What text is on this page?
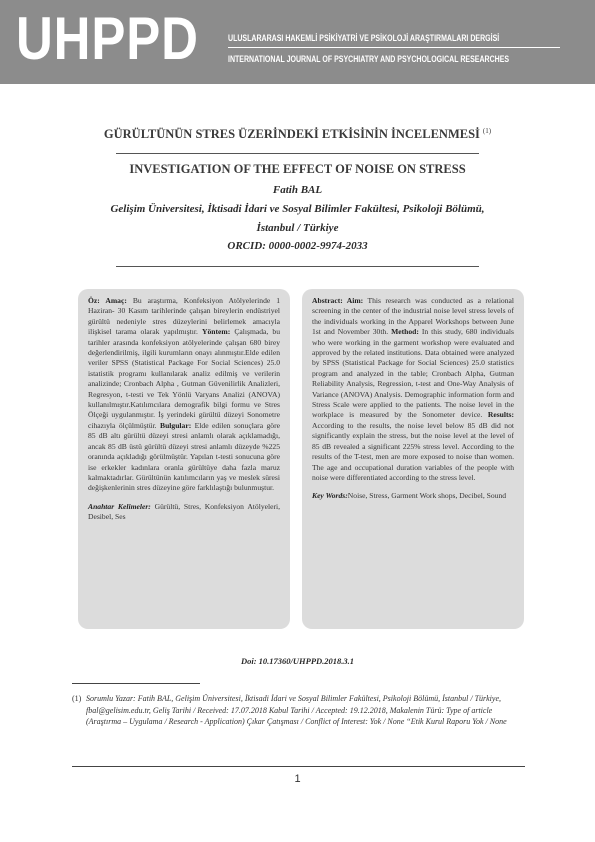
UHPPD	ULUSLARARASI HAKEMLİ PSİKİYATRİ VE PSİKOLOJİ ARAŞTIRMALARI DERGİSİ
INTERNATIONAL JOURNAL OF PSYCHIATRY AND PSYCHOLOGICAL RESEARCHES
GÜRÜLTÜNÜN STRES ÜZERİNDEKİ ETKİSİNİN İNCELENMESİ $^{(1)}$
INVESTIGATION OF THE EFFECT OF NOISE ON STRESS
Fatih BAL
Gelişim Üniversitesi, İktisadi İdari ve Sosyal Bilimler Fakültesi, Psikoloji Bölümü,
İstanbul / Türkiye
ORCID: 0000-0002-9974-2033
Öz: Amaç: Bu araştırma, Konfeksiyon Atölyelerinde 1 Haziran- 30 Kasım tarihlerinde çalışan bireylerin endüstriyel gürültü nedeniyle stres düzeylerini belirlemek amacıyla ilişkisel tarama olarak yapılmıştır. Yöntem: Çalışmada, bu tarihler arasında konfeksiyon atölyelerinde çalışan 680 birey değerlendirilmiş, ilgili kurumların onayı alınmıştır.Elde edilen veriler SPSS (Statistical Package For Social Sciences) 25.0 istatistik programı kullanılarak analiz edilmiş ve verilerin analizinde; Cronbach Alpha , Gutman Güvenilirlik Analizleri, Regresyon, t-testi ve Tek Yönlü Varyans Analizi (ANOVA) kullanılmıştır.Katılımcılara demografik bilgi formu ve Stres Ölçeği uygulanmıştır. İş yerindeki gürültü düzeyi Sonometre cihazıyla ölçülmüştür. Bulgular: Elde edilen sonuçlara göre 85 dB altı gürültü düzeyi stresi anlamlı olarak açıklamadığı, ancak 85 dB üstü gürültü düzeyi stresi anlamlı düzeyde %225 oranında açıkladığı görülmüştür. Yapılan t-testi sonucuna göre ise erkekler kadınlara oranla gürültüye daha fazla maruz kalmaktadırlar. Gürültünün katılımcıların yaş ve meslek süresi değişkenlerinin stres düzeyine göre farklılaştığı bulunmuştur.
Anahtar Kelimeler: Gürültü, Stres, Konfeksiyon Atölyeleri, Desibel, Ses
Abstract: Aim: This research was conducted as a relational screening in the center of the industrial noise level stress levels of the individuals working in the Apparel Workshops between June 1st and November 30th. Method: In this study, 680 individuals who were working in the garment workshop were evaluated and approved by the related institutions. Data obtained were analyzed by SPSS (Statistical Package for Social Sciences) 25.0 statistics program and analyzed in the table; Cronbach Alpha, Gutman Reliability Analysis, Regression, t-test and One-Way Analysis of Variance (ANOVA) Analysis. Demographic information form and Stress Scale were applied to the patients. The noise level in the workplace is measured by the Sonometer device. Results: According to the results, the noise level below 85 dB did not significantly explain the stress, but the noise level at the level of 85 dB revealed a significant 225% stress level. According to the results of the T-test, men are more exposed to noise than women. The age and occupational duration variables of the people with noise were differentiated according to the stress level.
Key Words:Noise, Stress, Garment Work shops, Decibel, Sound
Doi: 10.17360/UHPPD.2018.3.1
(1) Sorumlu Yazar: Fatih BAL, Gelişim Üniversitesi, İktisadi İdari ve Sosyal Bilimler Fakültesi, Psikoloji Bölümü, İstanbul / Türkiye, fbal@gelisim.edu.tr, Geliş Tarihi / Received: 17.07.2018 Kabul Tarihi / Accepted: 19.12.2018, Makalenin Türü: Type of article (Araştırma – Uygulama / Research - Application) Çıkar Çatışması / Conflict of Interest: Yok / None “Etik Kurul Raporu Yok / None
1
